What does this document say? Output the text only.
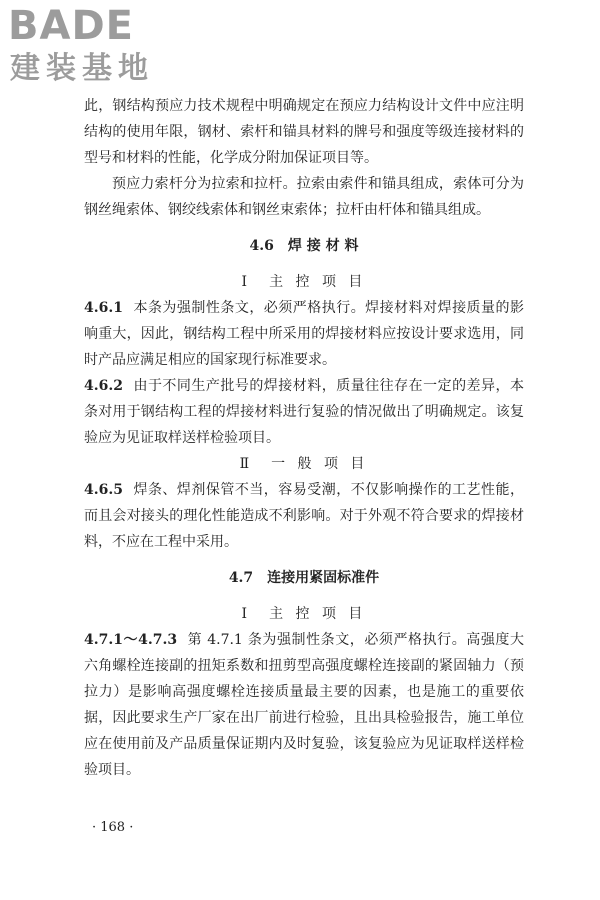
BADE
建装基地

此，钢结构预应力技术规程中明确规定在预应力结构设计文件中应注明结构的使用年限，钢材、索杆和锚具材料的牌号和强度等级连接材料的型号和材料的性能，化学成分附加保证项目等。

预应力索杆分为拉索和拉杆。拉索由索件和锚具组成，索体可分为钢丝绳索体、钢绞线索体和钢丝束索体；拉杆由杆体和锚具组成。

4.6 焊 接 材 料
Ⅰ　主 控 项 目

4.6.1 本条为强制性条文，必须严格执行。焊接材料对焊接质量的影响重大，因此，钢结构工程中所采用的焊接材料应按设计要求选用，同时产品应满足相应的国家现行标准要求。

4.6.2 由于不同生产批号的焊接材料，质量往往存在一定的差异，本条对用于钢结构工程的焊接材料进行复验的情况做出了明确规定。该复验应为见证取样送样检验项目。

Ⅱ　一 般 项 目

4.6.5 焊条、焊剂保管不当，容易受潮，不仅影响操作的工艺性能，而且会对接头的理化性能造成不利影响。对于外观不符合要求的焊接材料，不应在工程中采用。

4.7 连接用紧固标准件
Ⅰ　主 控 项 目

4.7.1～4.7.3 第 4.7.1 条为强制性条文，必须严格执行。高强度大六角螺栓连接副的扭矩系数和扭剪型高强度螺栓连接副的紧固轴力（预拉力）是影响高强度螺栓连接质量最主要的因素，也是施工的重要依据，因此要求生产厂家在出厂前进行检验，且出具检验报告，施工单位应在使用前及产品质量保证期内及时复验，该复验应为见证取样送样检验项目。

· 168 ·
